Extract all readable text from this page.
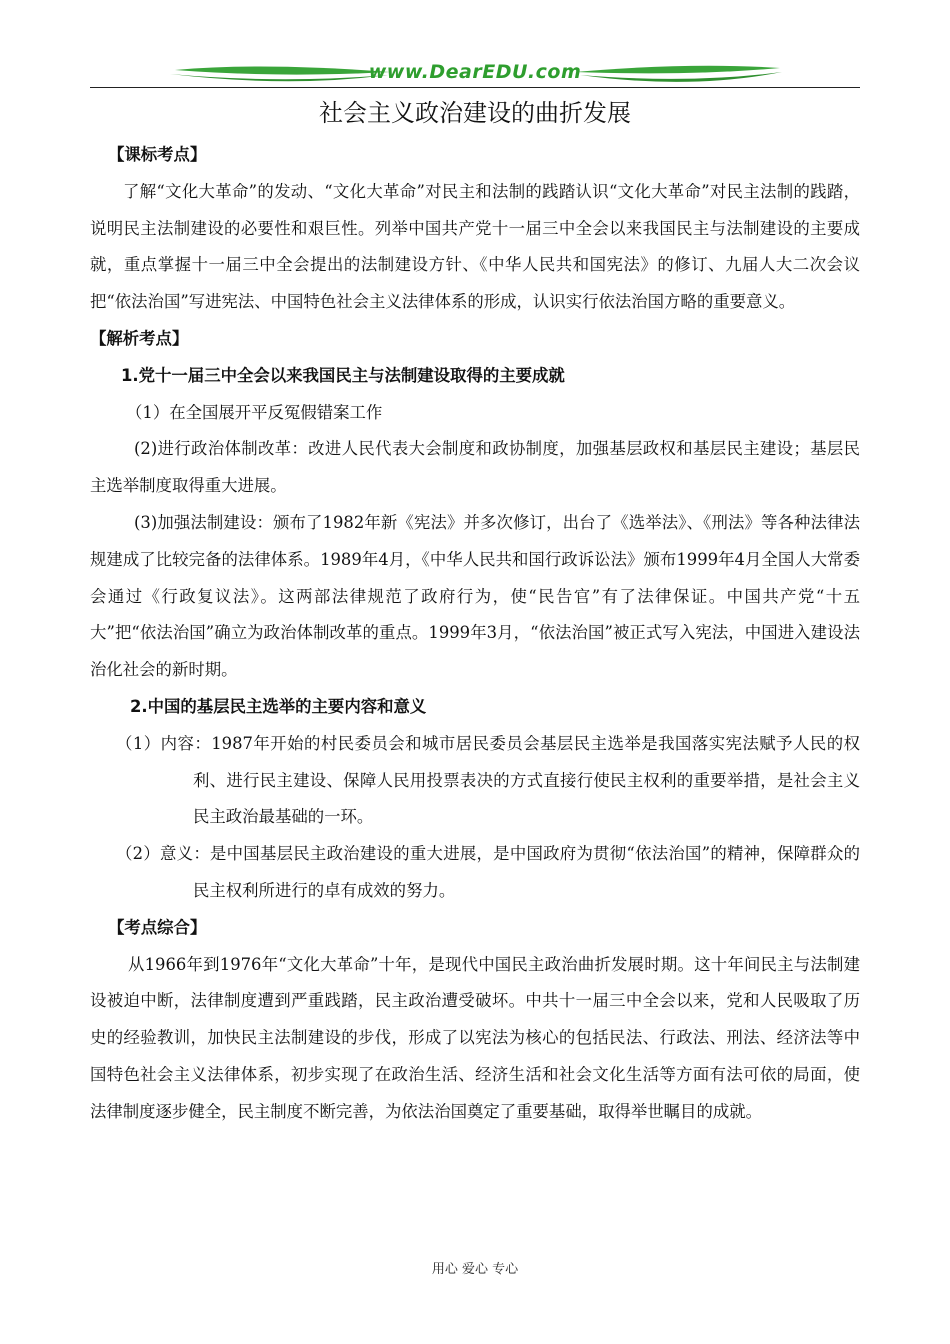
www.DearEDU.com
社会主义政治建设的曲折发展

【课标考点】

了解“文化大革命”的发动、“文化大革命”对民主和法制的践踏认识“文化大革命”对民主法制的践踏，说明民主法制建设的必要性和艰巨性。列举中国共产党十一届三中全会以来我国民主与法制建设的主要成就，重点掌握十一届三中全会提出的法制建设方针、《中华人民共和国宪法》的修订、九届人大二次会议把“依法治国”写进宪法、中国特色社会主义法律体系的形成，认识实行依法治国方略的重要意义。

【解析考点】

1.党十一届三中全会以来我国民主与法制建设取得的主要成就

（1）在全国展开平反冤假错案工作

(2)进行政治体制改革：改进人民代表大会制度和政协制度，加强基层政权和基层民主建设；基层民主选举制度取得重大进展。

(3)加强法制建设：颁布了1982年新《宪法》并多次修订，出台了《选举法》、《刑法》等各种法律法规建成了比较完备的法律体系。1989年4月，《中华人民共和国行政诉讼法》颁布1999年4月全国人大常委会通过《行政复议法》。这两部法律规范了政府行为，使“民告官”有了法律保证。中国共产党“十五大”把“依法治国”确立为政治体制改革的重点。1999年3月，“依法治国”被正式写入宪法，中国进入建设法治化社会的新时期。

2.中国的基层民主选举的主要内容和意义

（1）内容：1987年开始的村民委员会和城市居民委员会基层民主选举是我国落实宪法赋予人民的权利、进行民主建设、保障人民用投票表决的方式直接行使民主权利的重要举措，是社会主义民主政治最基础的一环。

（2）意义：是中国基层民主政治建设的重大进展，是中国政府为贯彻“依法治国”的精神，保障群众的民主权利所进行的卓有成效的努力。

【考点综合】

从1966年到1976年“文化大革命”十年，是现代中国民主政治曲折发展时期。这十年间民主与法制建设被迫中断，法律制度遭到严重践踏，民主政治遭受破坏。中共十一届三中全会以来，党和人民吸取了历史的经验教训，加快民主法制建设的步伐，形成了以宪法为核心的包括民法、行政法、刑法、经济法等中国特色社会主义法律体系，初步实现了在政治生活、经济生活和社会文化生活等方面有法可依的局面，使法律制度逐步健全，民主制度不断完善，为依法治国奠定了重要基础，取得举世瞩目的成就。

用心 爱心 专心
